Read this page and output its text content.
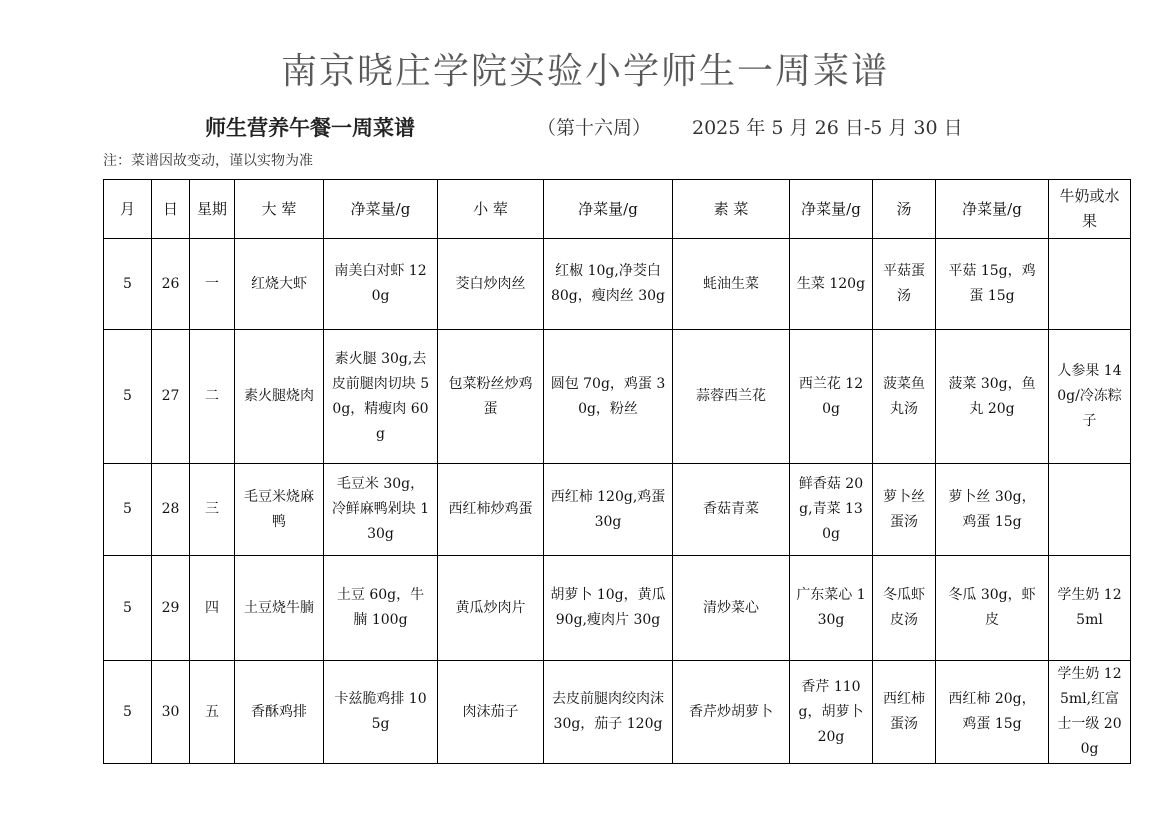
南京晓庄学院实验小学师生一周菜谱
师生营养午餐一周菜谱	（第十六周） 2025 年 5 月 26 日-5 月 30 日
注：菜谱因故变动，谨以实物为准
月	日	星期	大 荤	净菜量/g	小 荤	净菜量/g	素 菜	净菜量/g	汤	净菜量/g	牛奶或水果
5	26	一	红烧大虾	南美白对虾 120g	茭白炒肉丝	红椒 10g,净茭白 80g，瘦肉丝 30g	蚝油生菜	生菜 120g	平菇蛋汤	平菇 15g，鸡蛋 15g	
5	27	二	素火腿烧肉	素火腿 30g,去皮前腿肉切块 50g，精瘦肉 60g	包菜粉丝炒鸡蛋	圆包 70g，鸡蛋 30g，粉丝	蒜蓉西兰花	西兰花 120g	菠菜鱼丸汤	菠菜 30g，鱼丸 20g	人参果 140g/冷冻粽子
5	28	三	毛豆米烧麻鸭	毛豆米 30g，冷鲜麻鸭剁块 130g	西红柿炒鸡蛋	西红柿 120g,鸡蛋 30g	香菇青菜	鲜香菇 20g,青菜 130g	萝卜丝蛋汤	萝卜丝 30g，鸡蛋 15g	
5	29	四	土豆烧牛腩	土豆 60g，牛腩 100g	黄瓜炒肉片	胡萝卜 10g，黄瓜 90g,瘦肉片 30g	清炒菜心	广东菜心 130g	冬瓜虾皮汤	冬瓜 30g，虾皮	学生奶 125ml
5	30	五	香酥鸡排	卡兹脆鸡排 105g	肉沫茄子	去皮前腿肉绞肉沫 30g，茄子 120g	香芹炒胡萝卜	香芹 110g，胡萝卜 20g	西红柿蛋汤	西红柿 20g，鸡蛋 15g	学生奶 125ml,红富士一级 200g
